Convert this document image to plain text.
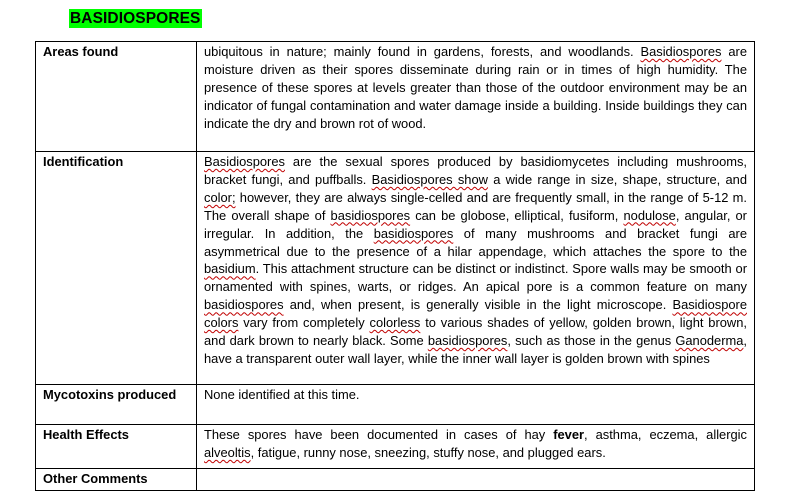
BASIDIOSPORES
Areas found	ubiquitous in nature; mainly found in gardens, forests, and woodlands. Basidiospores are moisture driven as their spores disseminate during rain or in times of high humidity. The presence of these spores at levels greater than those of the outdoor environment may be an indicator of fungal contamination and water damage inside a building. Inside buildings they can indicate the dry and brown rot of wood.
Identification	Basidiospores are the sexual spores produced by basidiomycetes including mushrooms, bracket fungi, and puffballs. Basidiospores show a wide range in size, shape, structure, and color; however, they are always single-celled and are frequently small, in the range of 5-12 m. The overall shape of basidiospores can be globose, elliptical, fusiform, nodulose, angular, or irregular. In addition, the basidiospores of many mushrooms and bracket fungi are asymmetrical due to the presence of a hilar appendage, which attaches the spore to the basidium. This attachment structure can be distinct or indistinct. Spore walls may be smooth or ornamented with spines, warts, or ridges. An apical pore is a common feature on many basidiospores and, when present, is generally visible in the light microscope. Basidiospore colors vary from completely colorless to various shades of yellow, golden brown, light brown, and dark brown to nearly black. Some basidiospores, such as those in the genus Ganoderma, have a transparent outer wall layer, while the inner wall layer is golden brown with spines
Mycotoxins produced	None identified at this time.
Health Effects	These spores have been documented in cases of hay fever, asthma, eczema, allergic alveoltis, fatigue, runny nose, sneezing, stuffy nose, and plugged ears.
Other Comments	
